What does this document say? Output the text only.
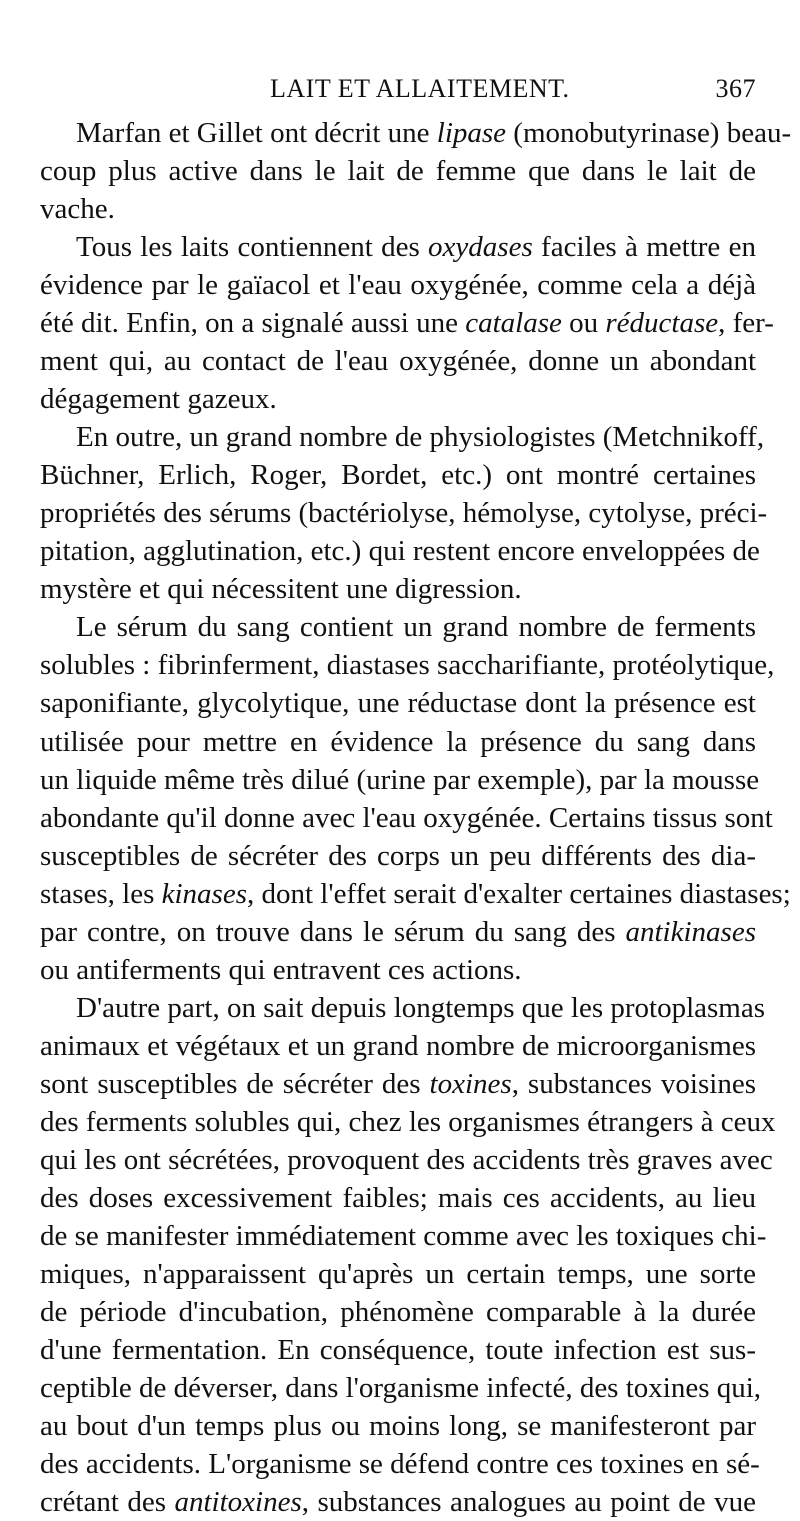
LAIT ET ALLAITEMENT.	367
Marfan et Gillet ont décrit une lipase (monobutyrinase) beau-
coup plus active dans le lait de femme que dans le lait de
vache.
Tous les laits contiennent des oxydases faciles à mettre en
évidence par le gaïacol et l'eau oxygénée, comme cela a déjà
été dit. Enfin, on a signalé aussi une catalase ou réductase, fer-
ment qui, au contact de l'eau oxygénée, donne un abondant
dégagement gazeux.
En outre, un grand nombre de physiologistes (Metchnikoff,
Büchner, Erlich, Roger, Bordet, etc.) ont montré certaines
propriétés des sérums (bactériolyse, hémolyse, cytolyse, préci-
pitation, agglutination, etc.) qui restent encore enveloppées de
mystère et qui nécessitent une digression.
Le sérum du sang contient un grand nombre de ferments
solubles : fibrinferment, diastases saccharifiante, protéolytique,
saponifiante, glycolytique, une réductase dont la présence est
utilisée pour mettre en évidence la présence du sang dans
un liquide même très dilué (urine par exemple), par la mousse
abondante qu'il donne avec l'eau oxygénée. Certains tissus sont
susceptibles de sécréter des corps un peu différents des dia-
stases, les kinases, dont l'effet serait d'exalter certaines diastases;
par contre, on trouve dans le sérum du sang des antikinases
ou antiferments qui entravent ces actions.
D'autre part, on sait depuis longtemps que les protoplasmas
animaux et végétaux et un grand nombre de microorganismes
sont susceptibles de sécréter des toxines, substances voisines
des ferments solubles qui, chez les organismes étrangers à ceux
qui les ont sécrétées, provoquent des accidents très graves avec
des doses excessivement faibles; mais ces accidents, au lieu
de se manifester immédiatement comme avec les toxiques chi-
miques, n'apparaissent qu'après un certain temps, une sorte
de période d'incubation, phénomène comparable à la durée
d'une fermentation. En conséquence, toute infection est sus-
ceptible de déverser, dans l'organisme infecté, des toxines qui,
au bout d'un temps plus ou moins long, se manifesteront par
des accidents. L'organisme se défend contre ces toxines en sé-
crétant des antitoxines, substances analogues au point de vue
